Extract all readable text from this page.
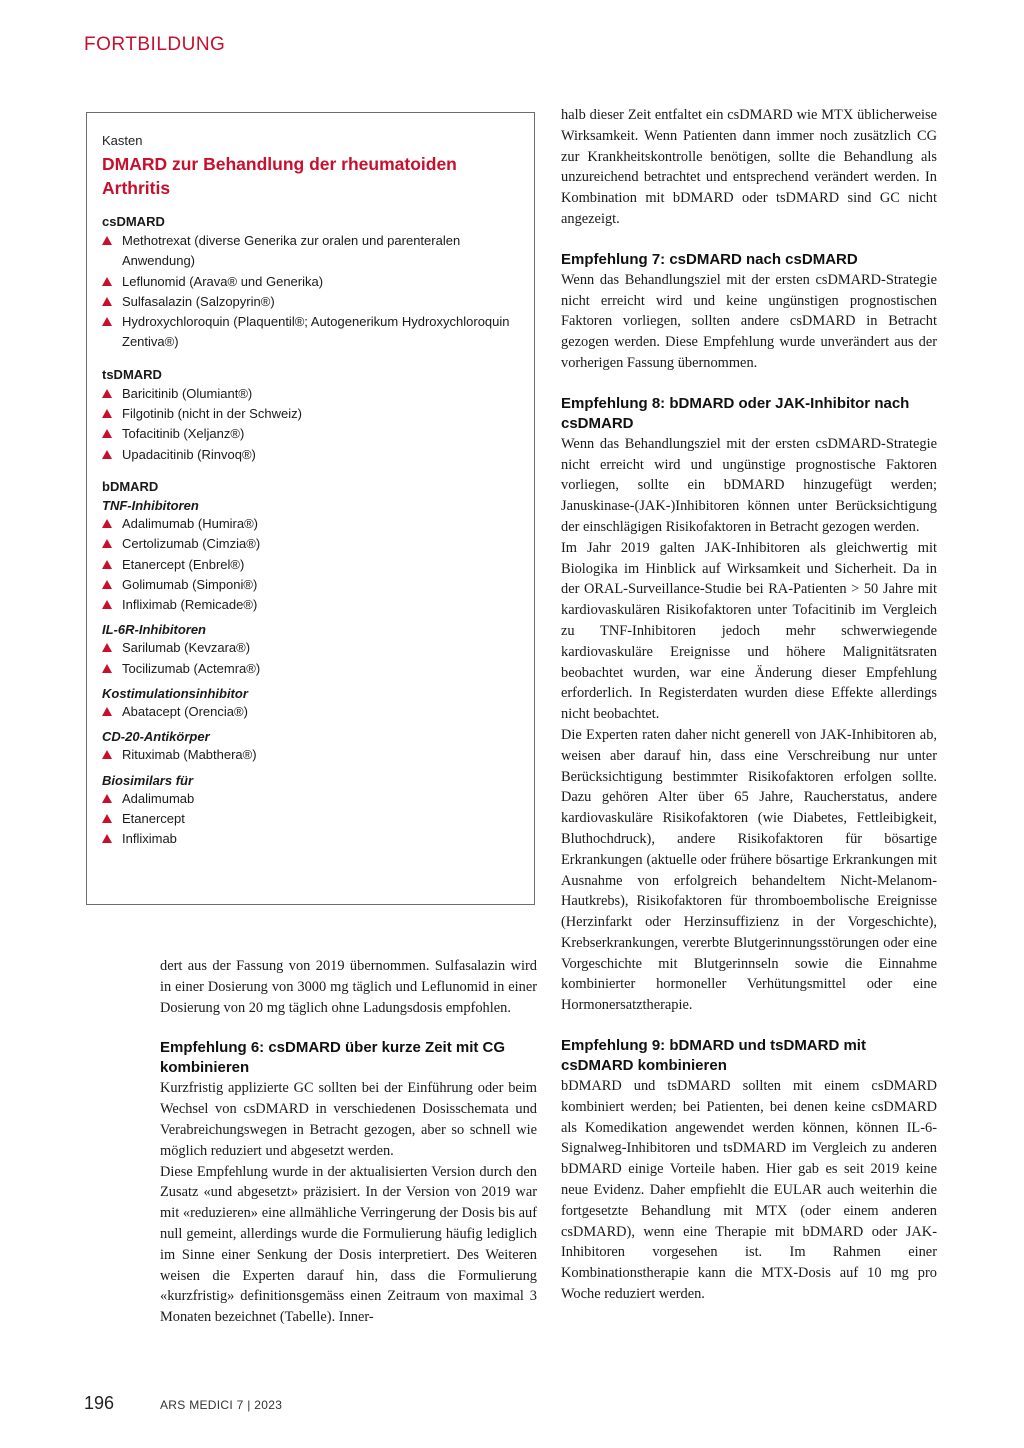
FORTBILDUNG
Kasten
DMARD zur Behandlung der rheumatoiden Arthritis
csDMARD
Methotrexat (diverse Generika zur oralen und parenteralen Anwendung)
Leflunomid (Arava® und Generika)
Sulfasalazin (Salzopyrin®)
Hydroxychloroquin (Plaquentil®; Autogenerikum Hydroxychloroquin Zentiva®)
tsDMARD
Baricitinib (Olumiant®)
Filgotinib (nicht in der Schweiz)
Tofacitinib (Xeljanz®)
Upadacitinib (Rinvoq®)
bDMARD
TNF-Inhibitoren
Adalimumab (Humira®)
Certolizumab (Cimzia®)
Etanercept (Enbrel®)
Golimumab (Simponi®)
Infliximab (Remicade®)
IL-6R-Inhibitoren
Sarilumab (Kevzara®)
Tocilizumab (Actemra®)
Kostimulationsinhibitor
Abatacept (Orencia®)
CD-20-Antikörper
Rituximab (Mabthera®)
Biosimilars für
Adalimumab
Etanercept
Infliximab

dert aus der Fassung von 2019 übernommen. Sulfasalazin wird in einer Dosierung von 3000 mg täglich und Leflunomid in einer Dosierung von 20 mg täglich ohne Ladungsdosis empfohlen.

Empfehlung 6: csDMARD über kurze Zeit mit CG kombinieren

Kurzfristig applizierte GC sollten bei der Einführung oder beim Wechsel von csDMARD in verschiedenen Dosisschemata und Verabreichungswegen in Betracht gezogen, aber so schnell wie möglich reduziert und abgesetzt werden.

Diese Empfehlung wurde in der aktualisierten Version durch den Zusatz «und abgesetzt» präzisiert. In der Version von 2019 war mit «reduzieren» eine allmähliche Verringerung der Dosis bis auf null gemeint, allerdings wurde die Formulierung häufig lediglich im Sinne einer Senkung der Dosis interpretiert. Des Weiteren weisen die Experten darauf hin, dass die Formulierung «kurzfristig» definitionsgemäss einen Zeitraum von maximal 3 Monaten bezeichnet (Tabelle). Inner-

halb dieser Zeit entfaltet ein csDMARD wie MTX üblicherweise Wirksamkeit. Wenn Patienten dann immer noch zusätzlich CG zur Krankheitskontrolle benötigen, sollte die Behandlung als unzureichend betrachtet und entsprechend verändert werden. In Kombination mit bDMARD oder tsDMARD sind GC nicht angezeigt.

Empfehlung 7: csDMARD nach csDMARD

Wenn das Behandlungsziel mit der ersten csDMARD-Strategie nicht erreicht wird und keine ungünstigen prognostischen Faktoren vorliegen, sollten andere csDMARD in Betracht gezogen werden. Diese Empfehlung wurde unverändert aus der vorherigen Fassung übernommen.

Empfehlung 8: bDMARD oder JAK-Inhibitor nach csDMARD

Wenn das Behandlungsziel mit der ersten csDMARD-Strategie nicht erreicht wird und ungünstige prognostische Faktoren vorliegen, sollte ein bDMARD hinzugefügt werden; Januskinase-(JAK-)Inhibitoren können unter Berücksichtigung der einschlägigen Risikofaktoren in Betracht gezogen werden.

Im Jahr 2019 galten JAK-Inhibitoren als gleichwertig mit Biologika im Hinblick auf Wirksamkeit und Sicherheit. Da in der ORAL-Surveillance-Studie bei RA-Patienten > 50 Jahre mit kardiovaskulären Risikofaktoren unter Tofacitinib im Vergleich zu TNF-Inhibitoren jedoch mehr schwerwiegende kardiovaskuläre Ereignisse und höhere Malignitätsraten beobachtet wurden, war eine Änderung dieser Empfehlung erforderlich. In Registerdaten wurden diese Effekte allerdings nicht beobachtet.

Die Experten raten daher nicht generell von JAK-Inhibitoren ab, weisen aber darauf hin, dass eine Verschreibung nur unter Berücksichtigung bestimmter Risikofaktoren erfolgen sollte. Dazu gehören Alter über 65 Jahre, Raucherstatus, andere kardiovaskuläre Risikofaktoren (wie Diabetes, Fettleibigkeit, Bluthochdruck), andere Risikofaktoren für bösartige Erkrankungen (aktuelle oder frühere bösartige Erkrankungen mit Ausnahme von erfolgreich behandeltem Nicht-Melanom-Hautkrebs), Risikofaktoren für thromboembolische Ereignisse (Herzinfarkt oder Herzinsuffizienz in der Vorgeschichte), Krebserkrankungen, vererbte Blutgerinnungsstörungen oder eine Vorgeschichte mit Blutgerinnseln sowie die Einnahme kombinierter hormoneller Verhütungsmittel oder eine Hormonersatztherapie.

Empfehlung 9: bDMARD und tsDMARD mit csDMARD kombinieren

bDMARD und tsDMARD sollten mit einem csDMARD kombiniert werden; bei Patienten, bei denen keine csDMARD als Komedikation angewendet werden können, können IL-6-Signalweg-Inhibitoren und tsDMARD im Vergleich zu anderen bDMARD einige Vorteile haben. Hier gab es seit 2019 keine neue Evidenz. Daher empfiehlt die EULAR auch weiterhin die fortgesetzte Behandlung mit MTX (oder einem anderen csDMARD), wenn eine Therapie mit bDMARD oder JAK-Inhibitoren vorgesehen ist. Im Rahmen einer Kombinationstherapie kann die MTX-Dosis auf 10 mg pro Woche reduziert werden.

196	ARS MEDICI 7 | 2023
